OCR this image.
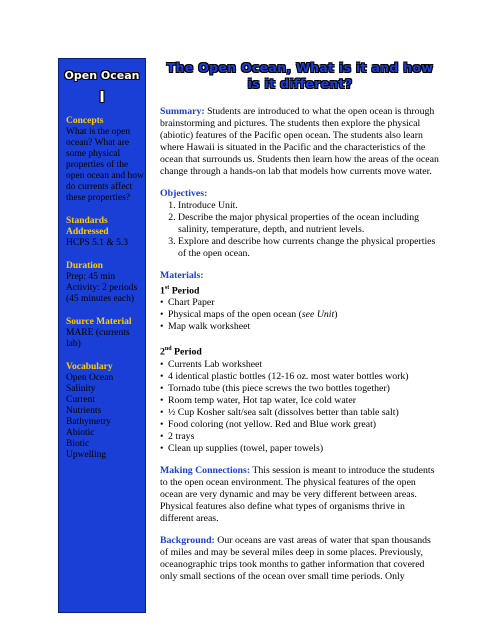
Open Ocean
I
Concepts
What is the open ocean? What are some physical properties of the open ocean and how do currents affect these properties?
Standards Addressed
HCPS 5.1 & 5.3
Duration
Prep: 45 min
Activity: 2 periods (45 minutes each)
Source Material
MARE (currents lab)
Vocabulary
Open Ocean
Salinity
Current
Nutrients
Bathymetry
Abiotic
Biotic
Upwelling
The Open Ocean, What is it and how is it different?

Summary: Students are introduced to what the open ocean is through brainstorming and pictures. The students then explore the physical (abiotic) features of the Pacific open ocean. The students also learn where Hawaii is situated in the Pacific and the characteristics of the ocean that surrounds us. Students then learn how the areas of the ocean change through a hands-on lab that models how currents move water.

Objectives:
1. Introduce Unit.
2. Describe the major physical properties of the ocean including salinity, temperature, depth, and nutrient levels.
3. Explore and describe how currents change the physical properties of the open ocean.
Materials:
1st Period
• Chart Paper
• Physical maps of the open ocean (see Unit)
• Map walk worksheet
2nd Period
• Currents Lab worksheet
• 4 identical plastic bottles (12-16 oz. most water bottles work)
• Tornado tube (this piece screws the two bottles together)
• Room temp water, Hot tap water, Ice cold water
• ½ Cup Kosher salt/sea salt (dissolves better than table salt)
• Food coloring (not yellow. Red and Blue work great)
• 2 trays
• Clean up supplies (towel, paper towels)

Making Connections: This session is meant to introduce the students to the open ocean environment. The physical features of the open ocean are very dynamic and may be very different between areas. Physical features also define what types of organisms thrive in different areas.

Background: Our oceans are vast areas of water that span thousands of miles and may be several miles deep in some places. Previously, oceanographic trips took months to gather information that covered only small sections of the ocean over small time periods. Only
